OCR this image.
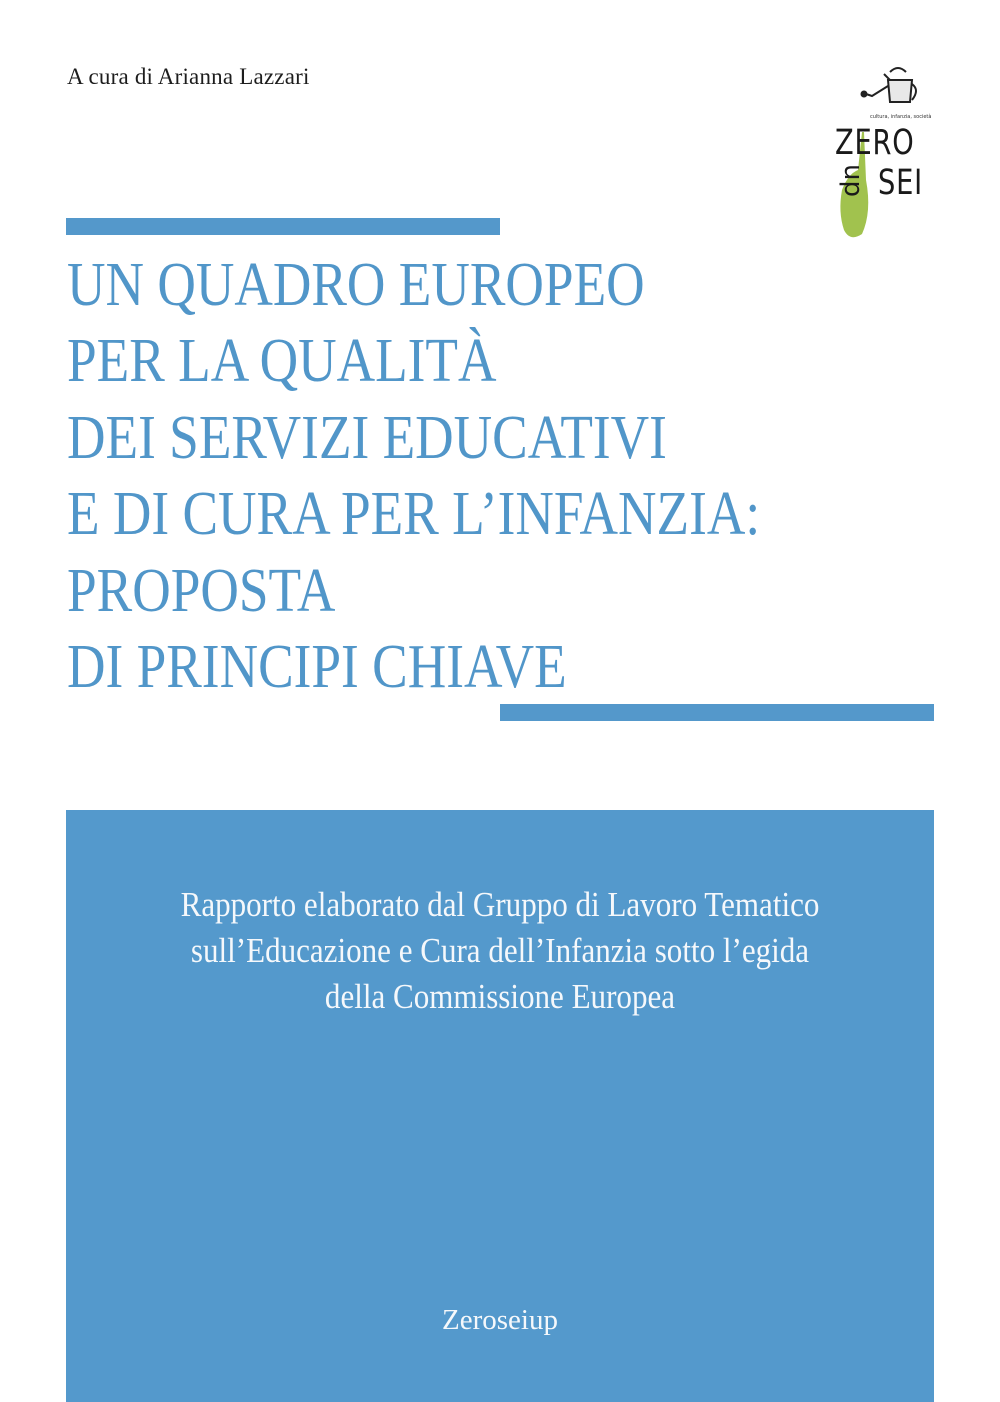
A cura di Arianna Lazzari
cultura, infanzia, società
ZERO
up SEI
UN QUADRO EUROPEO
PER LA QUALITÀ
DEI SERVIZI EDUCATIVI
E DI CURA PER L’INFANZIA:
PROPOSTA
DI PRINCIPI CHIAVE
Rapporto elaborato dal Gruppo di Lavoro Tematico
sull’Educazione e Cura dell’Infanzia sotto l’egida
della Commissione Europea
Zeroseiup
